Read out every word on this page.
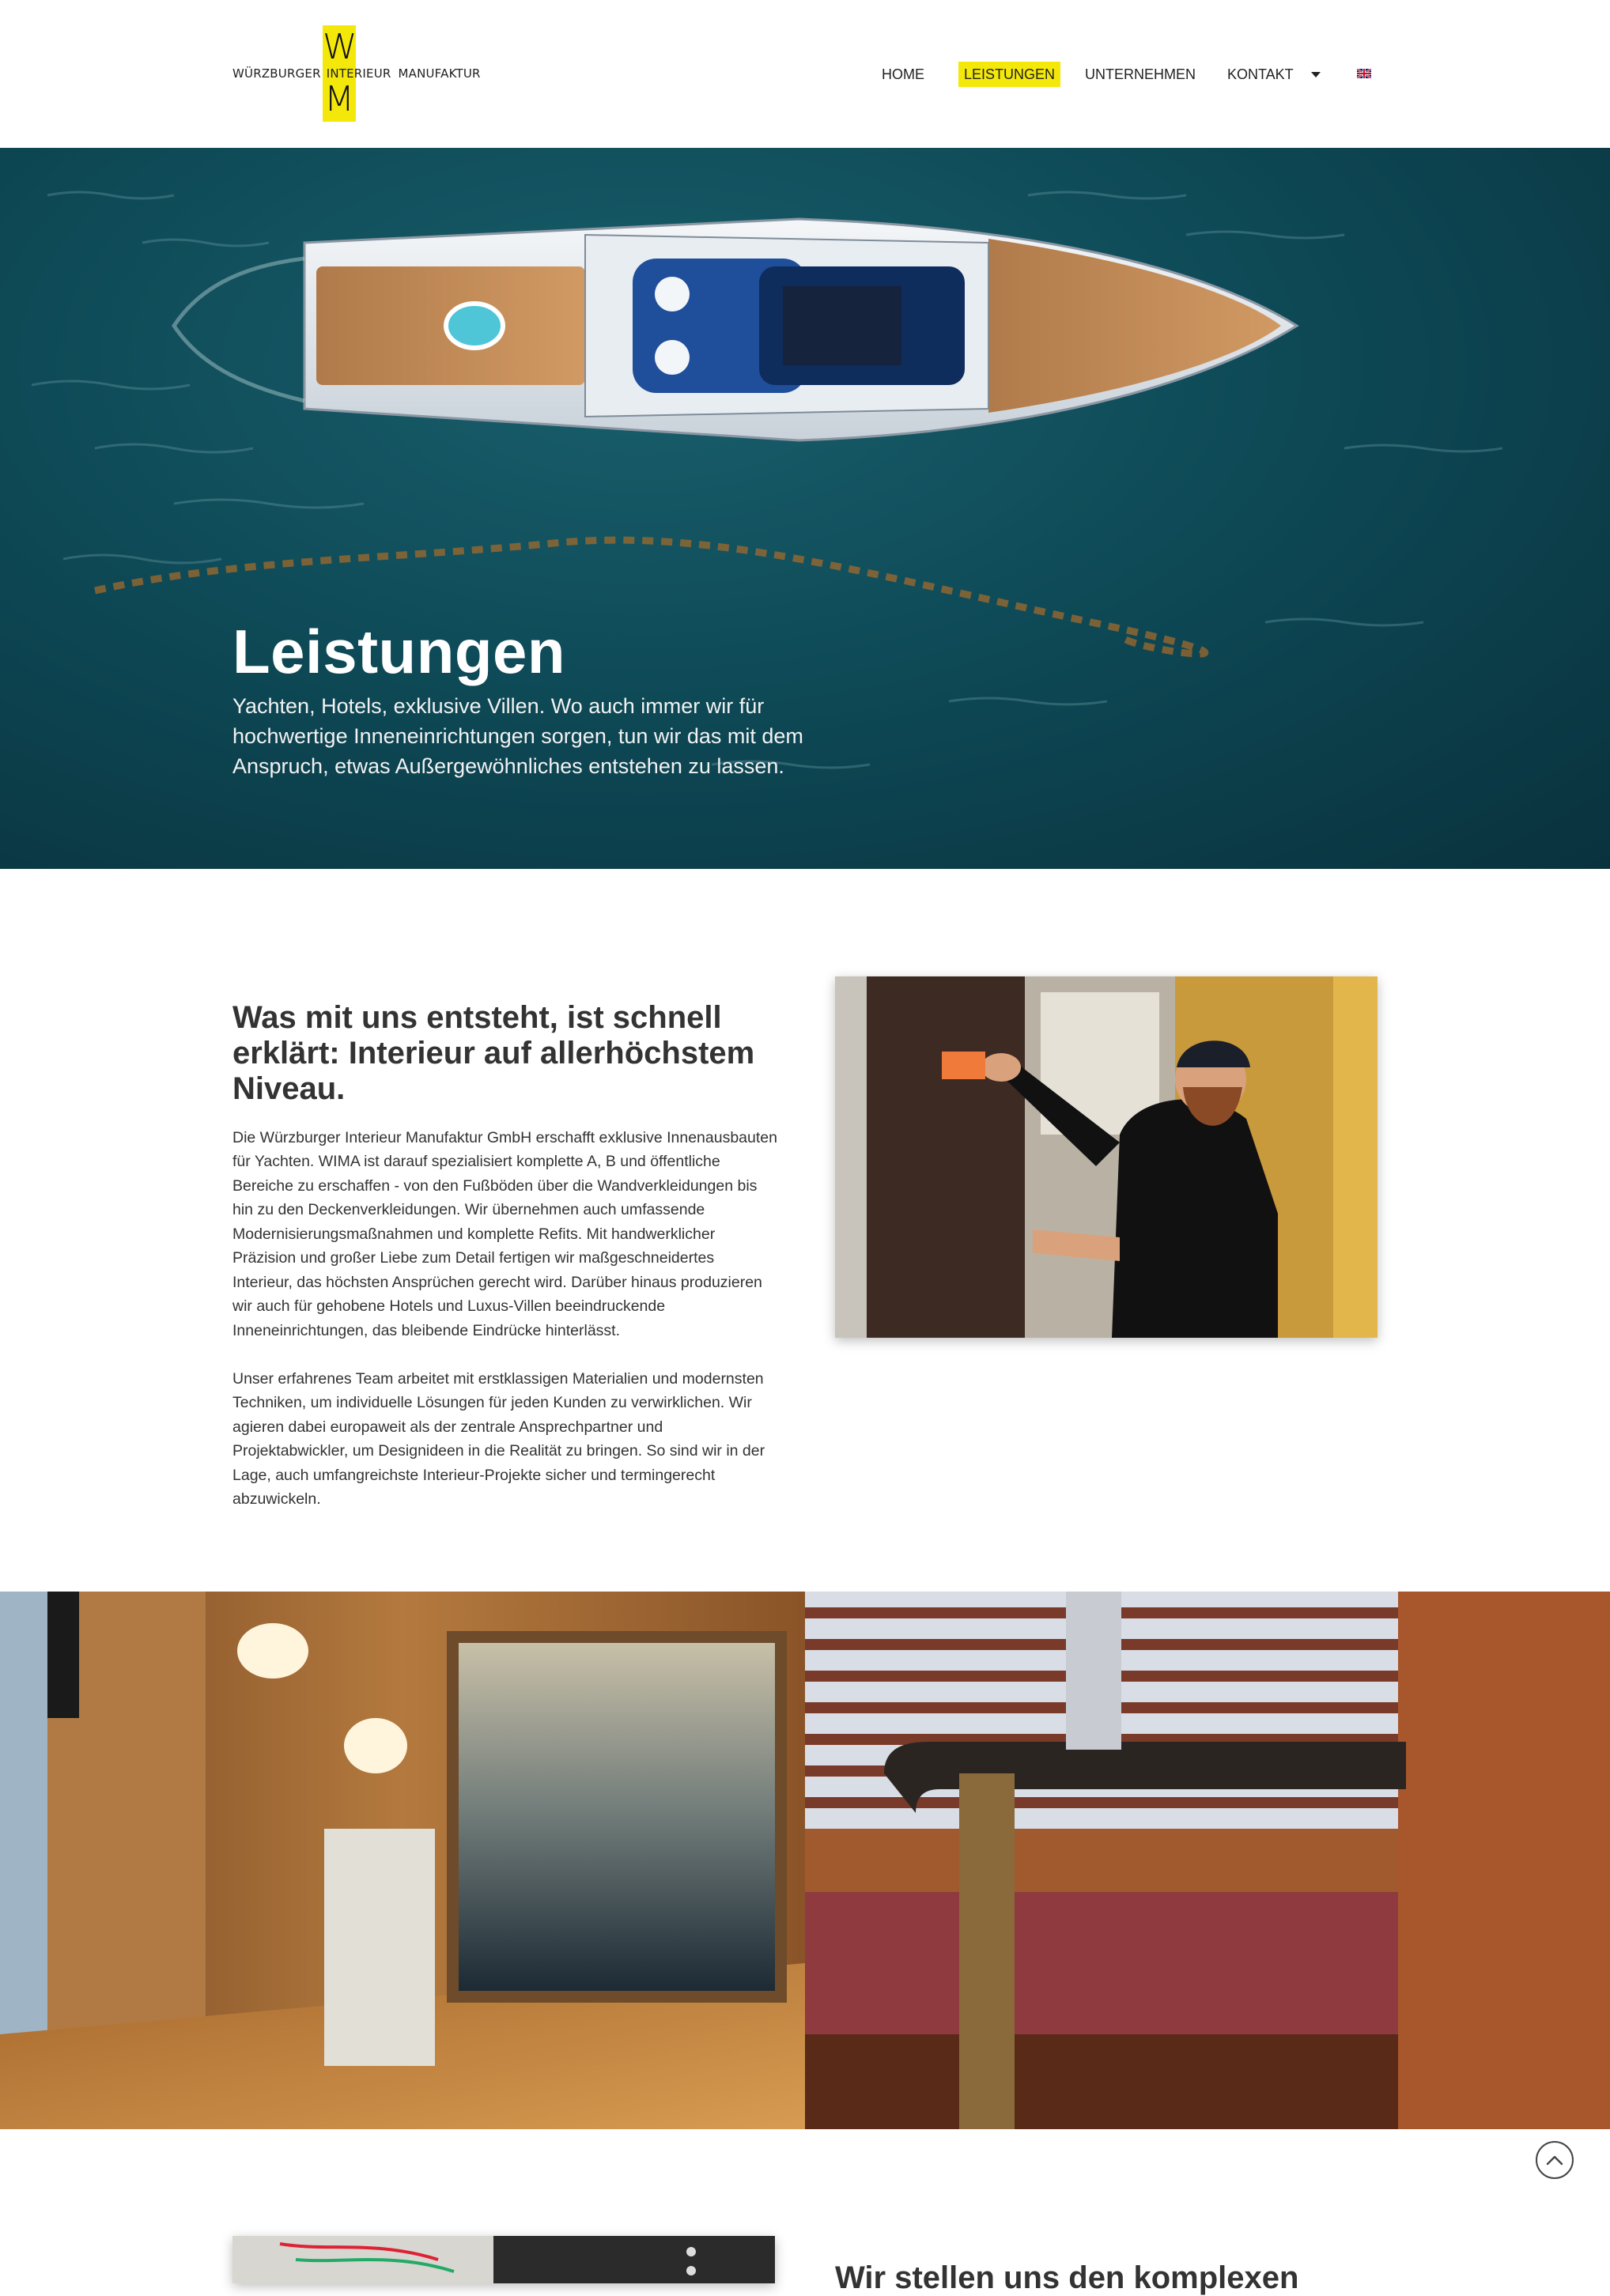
W
M
WÜRZBURGER INTERIEUR MANUFAKTUR	HOME	LEISTUNGEN	UNTERNEHMEN	KONTAKT
Leistungen

Yachten, Hotels, exklusive Villen. Wo auch immer wir für hochwertige Inneneinrichtungen sorgen, tun wir das mit dem Anspruch, etwas Außergewöhnliches entstehen zu lassen.

Was mit uns entsteht, ist schnell erklärt: Interieur auf allerhöchstem Niveau.

Die Würzburger Interieur Manufaktur GmbH erschafft exklusive Innenausbauten für Yachten. WIMA ist darauf spezialisiert komplette A, B und öffentliche Bereiche zu erschaffen - von den Fußböden über die Wandverkleidungen bis hin zu den Deckenverkleidungen. Wir übernehmen auch umfassende Modernisierungsmaßnahmen und komplette Refits. Mit handwerklicher Präzision und großer Liebe zum Detail fertigen wir maßgeschneidertes Interieur, das höchsten Ansprüchen gerecht wird. Darüber hinaus produzieren wir auch für gehobene Hotels und Luxus-Villen beeindruckende Inneneinrichtungen, das bleibende Eindrücke hinterlässt.

Unser erfahrenes Team arbeitet mit erstklassigen Materialien und modernsten Techniken, um individuelle Lösungen für jeden Kunden zu verwirklichen. Wir agieren dabei europaweit als der zentrale Ansprechpartner und Projektabwickler, um Designideen in die Realität zu bringen. So sind wir in der Lage, auch umfangreichste Interieur-Projekte sicher und termingerecht abzuwickeln.

Wir stellen uns den komplexen
